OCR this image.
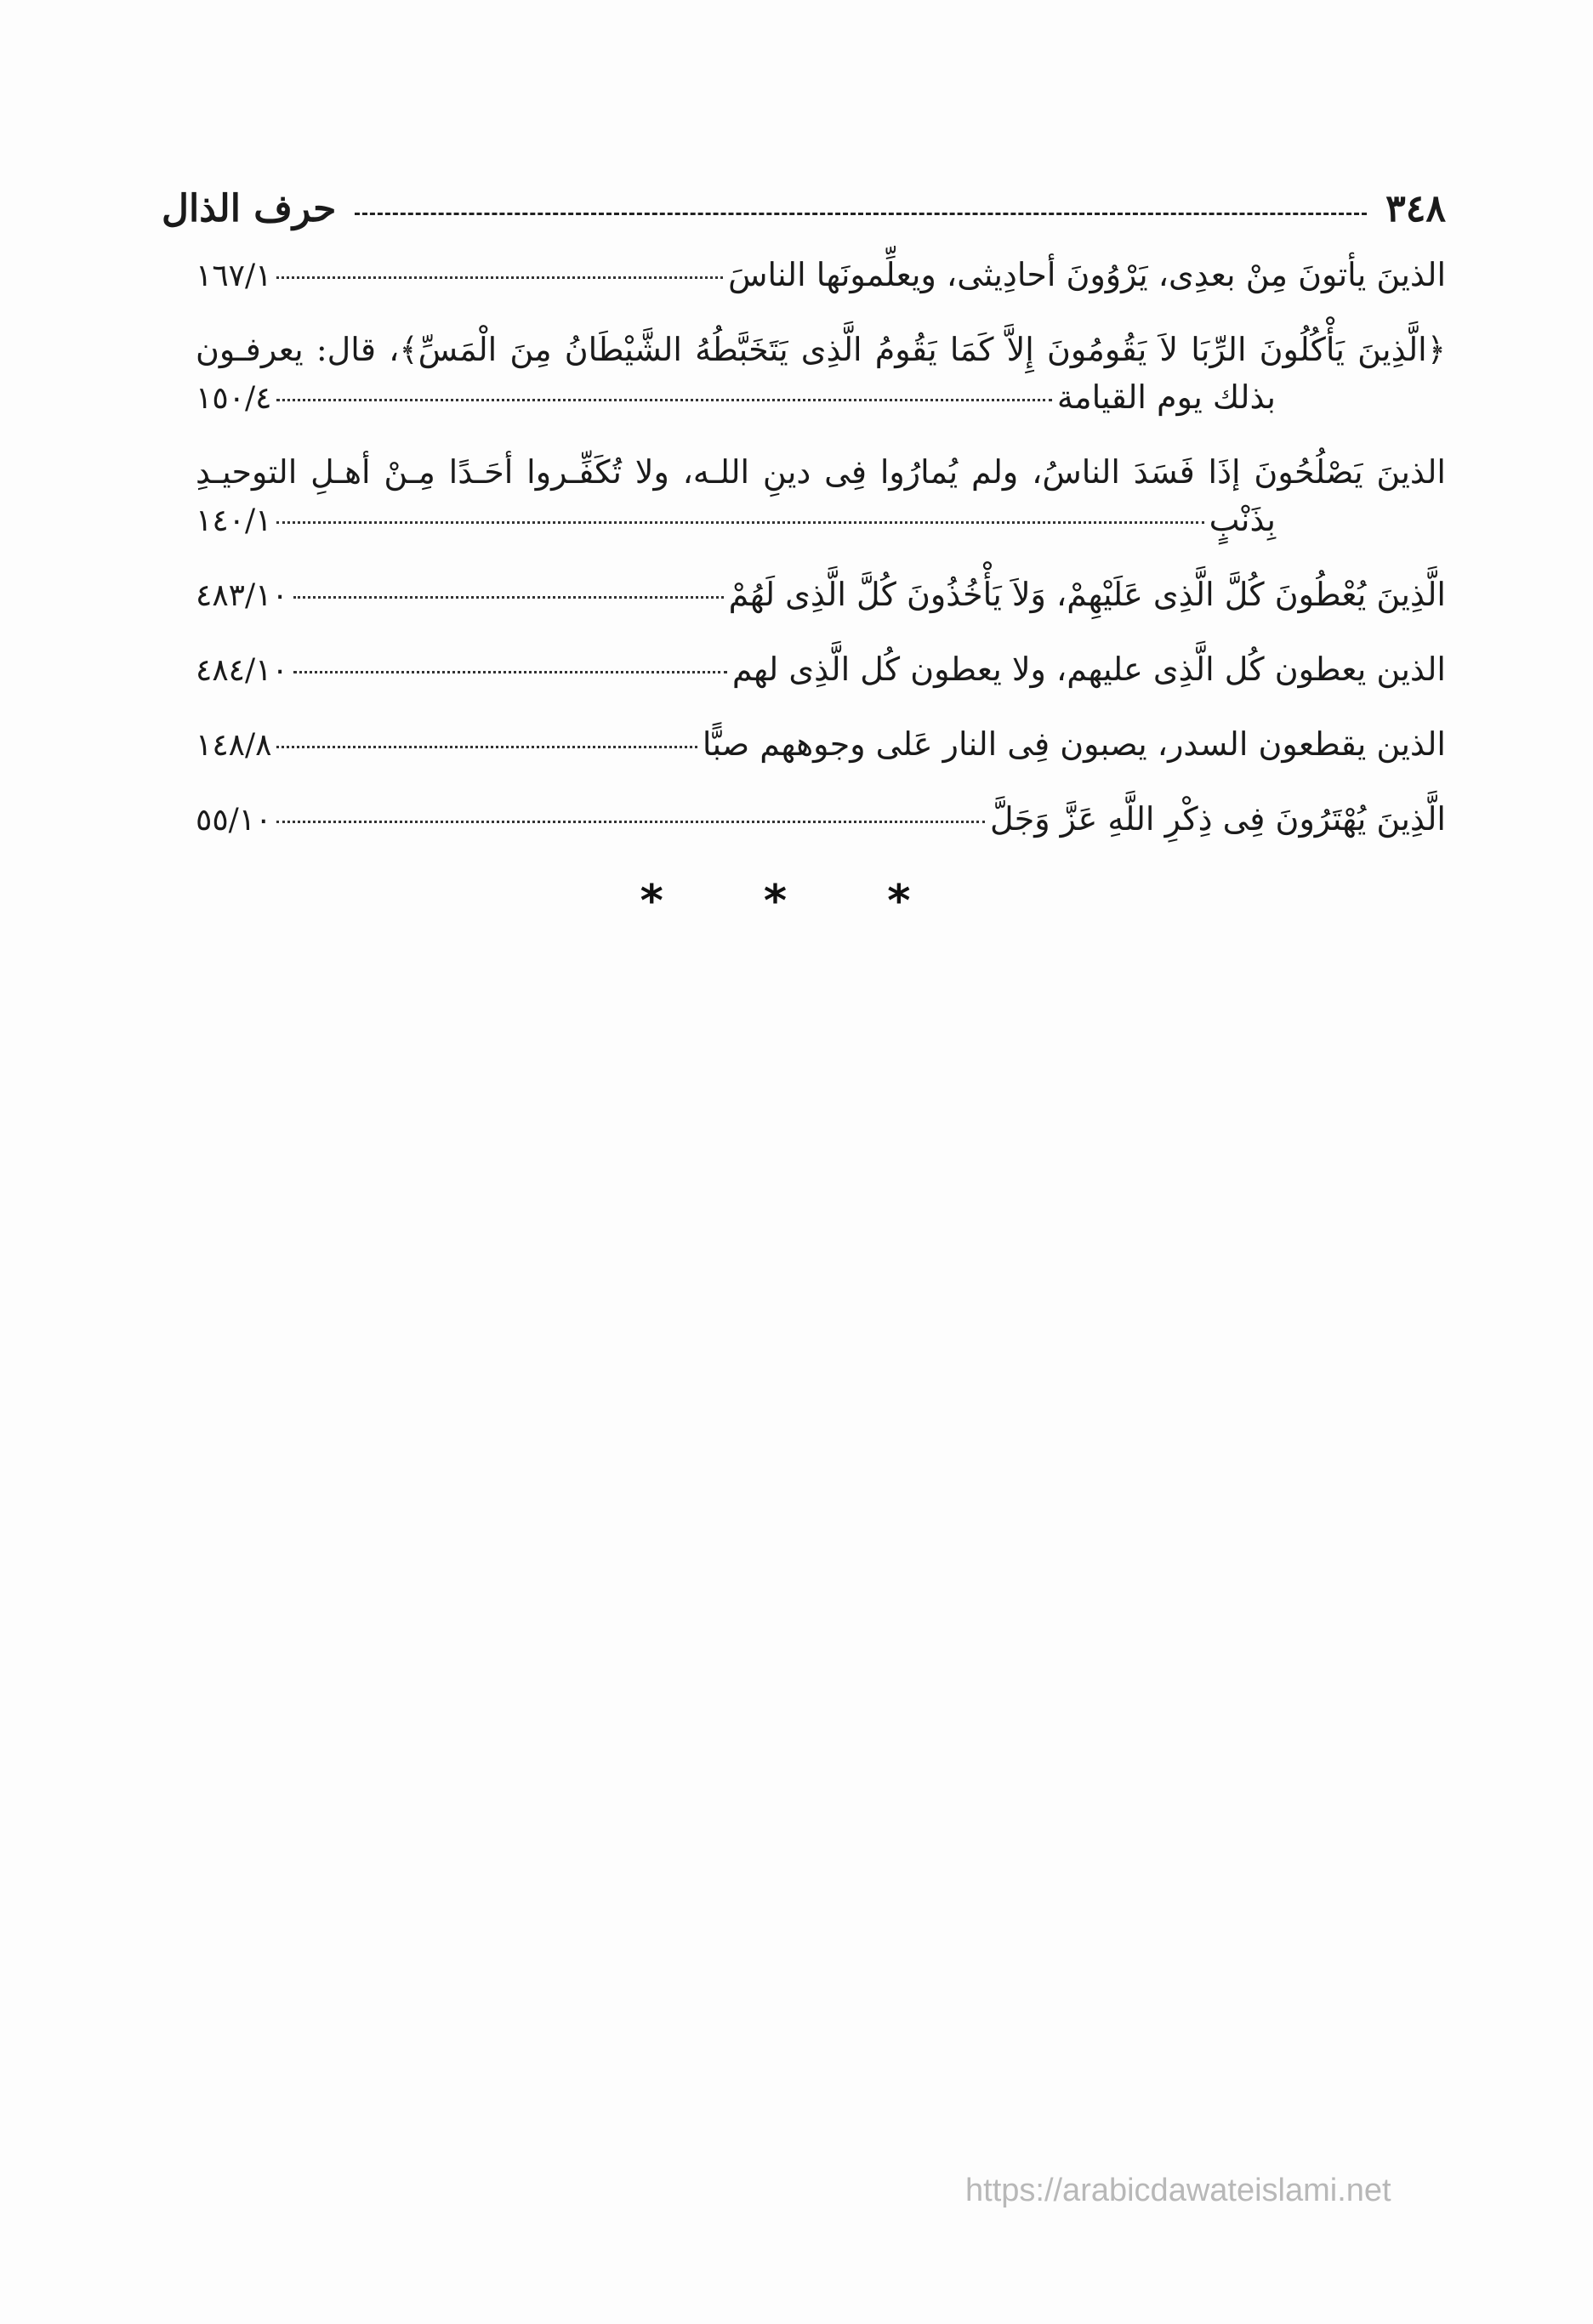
٣٤٨
حرف الذال
الذينَ يأتونَ مِنْ بعدِى، يَرْوُونَ أحادِيثى، ويعلِّمونَها الناسَ
١٦٧/١
﴿الَّذِينَ يَأْكُلُونَ الرِّبَا لاَ يَقُومُونَ إِلاَّ كَمَا يَقُومُ الَّذِى يَتَخَبَّطُهُ الشَّيْطَانُ مِنَ الْمَسِّ﴾، قال: يعرفـون
بذلك يوم القيامة
١٥٠/٤
الذينَ يَصْلُحُونَ إذَا فَسَدَ الناسُ، ولم يُمارُوا فِى دينِ اللـه، ولا تُكَفِّـروا أحَـدًا مِـنْ أهـلِ التوحيـدِ
بِذَنْبٍ
١٤٠/١
الَّذِينَ يُعْطُونَ كُلَّ الَّذِى عَلَيْهِمْ، وَلاَ يَأْخُذُونَ كُلَّ الَّذِى لَهُمْ
٤٨٣/١٠
الذين يعطون كُل الَّذِى عليهم، ولا يعطون كُل الَّذِى لهم
٤٨٤/١٠
الذين يقطعون السدر، يصبون فِى النار عَلى وجوههم صبًّا
١٤٨/٨
الَّذِينَ يُهْتَرُونَ فِى ذِكْرِ اللَّهِ عَزَّ وَجَلَّ
٥٥/١٠
* * *
https://arabicdawateislami.net
